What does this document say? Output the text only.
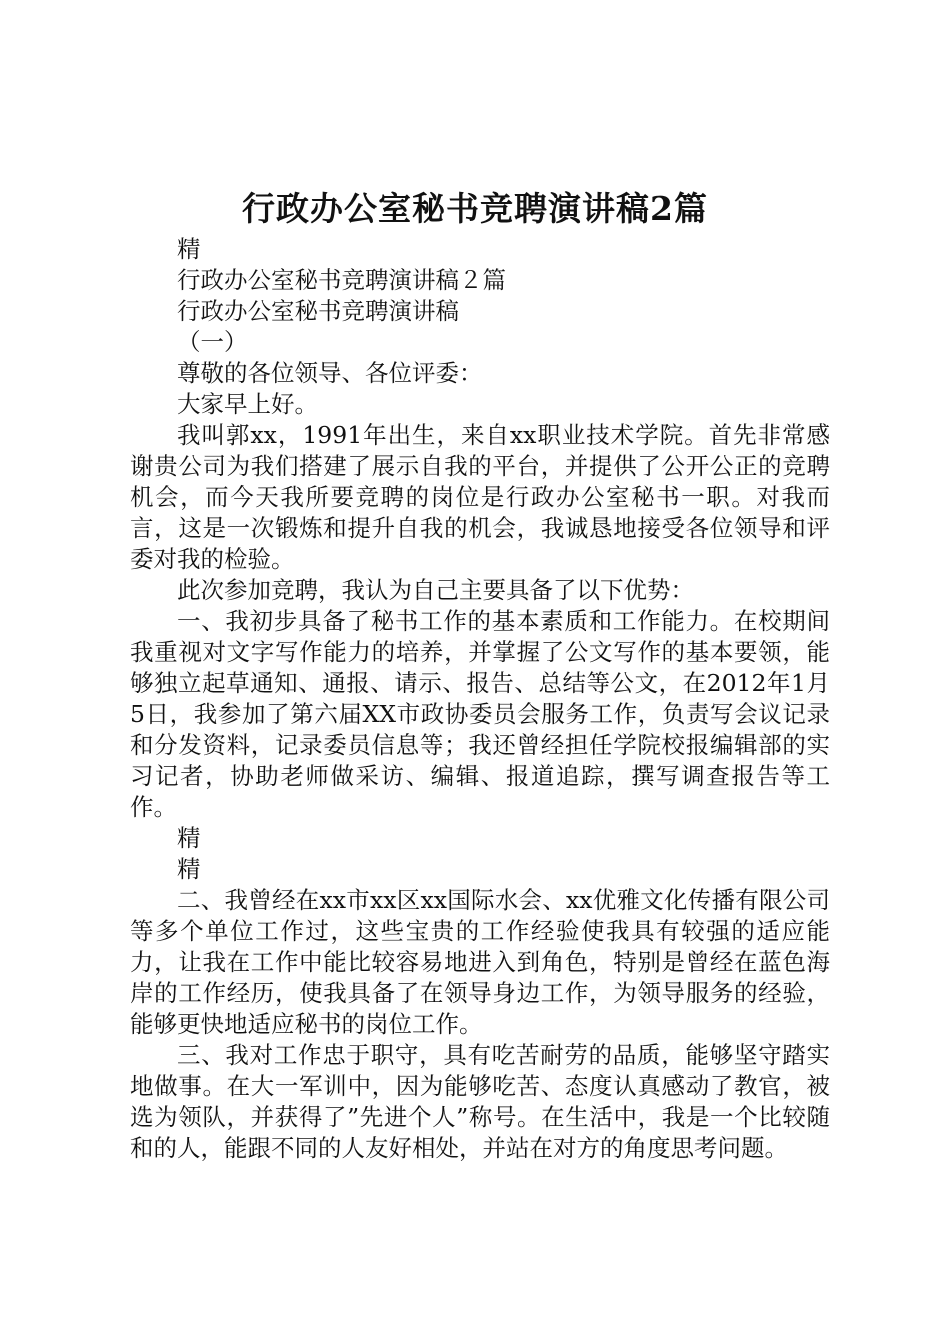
行政办公室秘书竞聘演讲稿2篇

精

行政办公室秘书竞聘演讲稿２篇

行政办公室秘书竞聘演讲稿

（一）

尊敬的各位领导、各位评委：

大家早上好。

我叫郭xx，1991年出生，来自xx职业技术学院。首先非常感谢贵公司为我们搭建了展示自我的平台，并提供了公开公正的竞聘机会，而今天我所要竞聘的岗位是行政办公室秘书一职。对我而言，这是一次锻炼和提升自我的机会，我诚恳地接受各位领导和评委对我的检验。

此次参加竞聘，我认为自己主要具备了以下优势：

一、我初步具备了秘书工作的基本素质和工作能力。在校期间我重视对文字写作能力的培养，并掌握了公文写作的基本要领，能够独立起草通知、通报、请示、报告、总结等公文，在2012年1月5日，我参加了第六届XX市政协委员会服务工作，负责写会议记录和分发资料，记录委员信息等；我还曾经担任学院校报编辑部的实习记者，协助老师做采访、编辑、报道追踪，撰写调查报告等工作。

精

精

二、我曾经在xx市xx区xx国际水会、xx优雅文化传播有限公司等多个单位工作过，这些宝贵的工作经验使我具有较强的适应能力，让我在工作中能比较容易地进入到角色，特别是曾经在蓝色海岸的工作经历，使我具备了在领导身边工作，为领导服务的经验，能够更快地适应秘书的岗位工作。

三、我对工作忠于职守，具有吃苦耐劳的品质，能够坚守踏实地做事。在大一军训中，因为能够吃苦、态度认真感动了教官，被选为领队，并获得了”先进个人”称号。在生活中，我是一个比较随和的人，能跟不同的人友好相处，并站在对方的角度思考问题。
